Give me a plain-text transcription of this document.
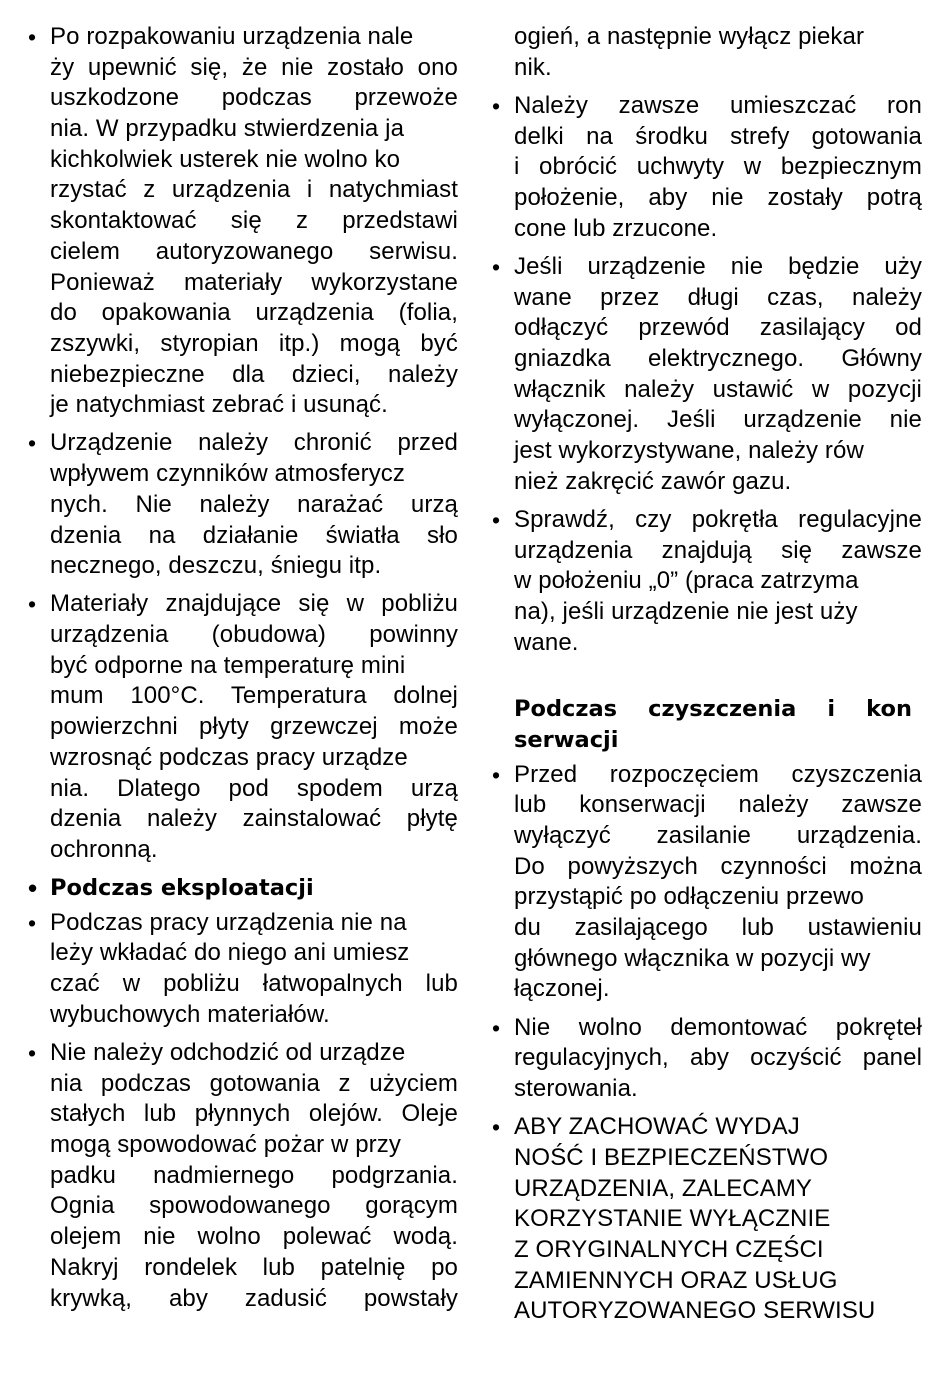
• Po rozpakowaniu urządzenia nale
ży upewnić się, że nie zostało ono
uszkodzone podczas przewoże
nia. W przypadku stwierdzenia ja
kichkolwiek usterek nie wolno ko
rzystać z urządzenia i natychmiast
skontaktować się z przedstawi
cielem autoryzowanego serwisu.
Ponieważ materiały wykorzystane
do opakowania urządzenia (folia,
zszywki, styropian itp.) mogą być
niebezpieczne dla dzieci, należy
je natychmiast zebrać i usunąć.
• Urządzenie należy chronić przed
wpływem czynników atmosferycz
nych. Nie należy narażać urzą
dzenia na działanie światła sło
necznego, deszczu, śniegu itp.
• Materiały znajdujące się w pobliżu
urządzenia (obudowa) powinny
być odporne na temperaturę mini
mum 100°C. Temperatura dolnej
powierzchni płyty grzewczej może
wzrosnąć podczas pracy urządze
nia. Dlatego pod spodem urzą
dzenia należy zainstalować płytę
ochronną.
• Podczas eksploatacji
• Podczas pracy urządzenia nie na
leży wkładać do niego ani umiesz
czać w pobliżu łatwopalnych lub
wybuchowych materiałów.
• Nie należy odchodzić od urządze
nia podczas gotowania z użyciem
stałych lub płynnych olejów. Oleje
mogą spowodować pożar w przy
padku nadmiernego podgrzania.
Ognia spowodowanego gorącym
olejem nie wolno polewać wodą.
Nakryj rondelek lub patelnię po
krywką, aby zadusić powstały
ogień, a następnie wyłącz piekar
nik.
• Należy zawsze umieszczać ron
delki na środku strefy gotowania
i obrócić uchwyty w bezpiecznym
położenie, aby nie zostały potrą
cone lub zrzucone.
• Jeśli urządzenie nie będzie uży
wane przez długi czas, należy
odłączyć przewód zasilający od
gniazdka elektrycznego. Główny
włącznik należy ustawić w pozycji
wyłączonej. Jeśli urządzenie nie
jest wykorzystywane, należy rów
nież zakręcić zawór gazu.
• Sprawdź, czy pokrętła regulacyjne
urządzenia znajdują się zawsze
w położeniu „0” (praca zatrzyma
na), jeśli urządzenie nie jest uży
wane.
Podczas czyszczenia i kon
serwacji
• Przed rozpoczęciem czyszczenia
lub konserwacji należy zawsze
wyłączyć zasilanie urządzenia.
Do powyższych czynności można
przystąpić po odłączeniu przewo
du zasilającego lub ustawieniu
głównego włącznika w pozycji wy
łączonej.
• Nie wolno demontować pokręteł
regulacyjnych, aby oczyścić panel
sterowania.
• ABY ZACHOWAĆ WYDAJ
NOŚĆ I BEZPIECZEŃSTWO
URZĄDZENIA, ZALECAMY
KORZYSTANIE WYŁĄCZNIE
Z ORYGINALNYCH CZĘŚCI
ZAMIENNYCH ORAZ USŁUG
AUTORYZOWANEGO SERWISU
